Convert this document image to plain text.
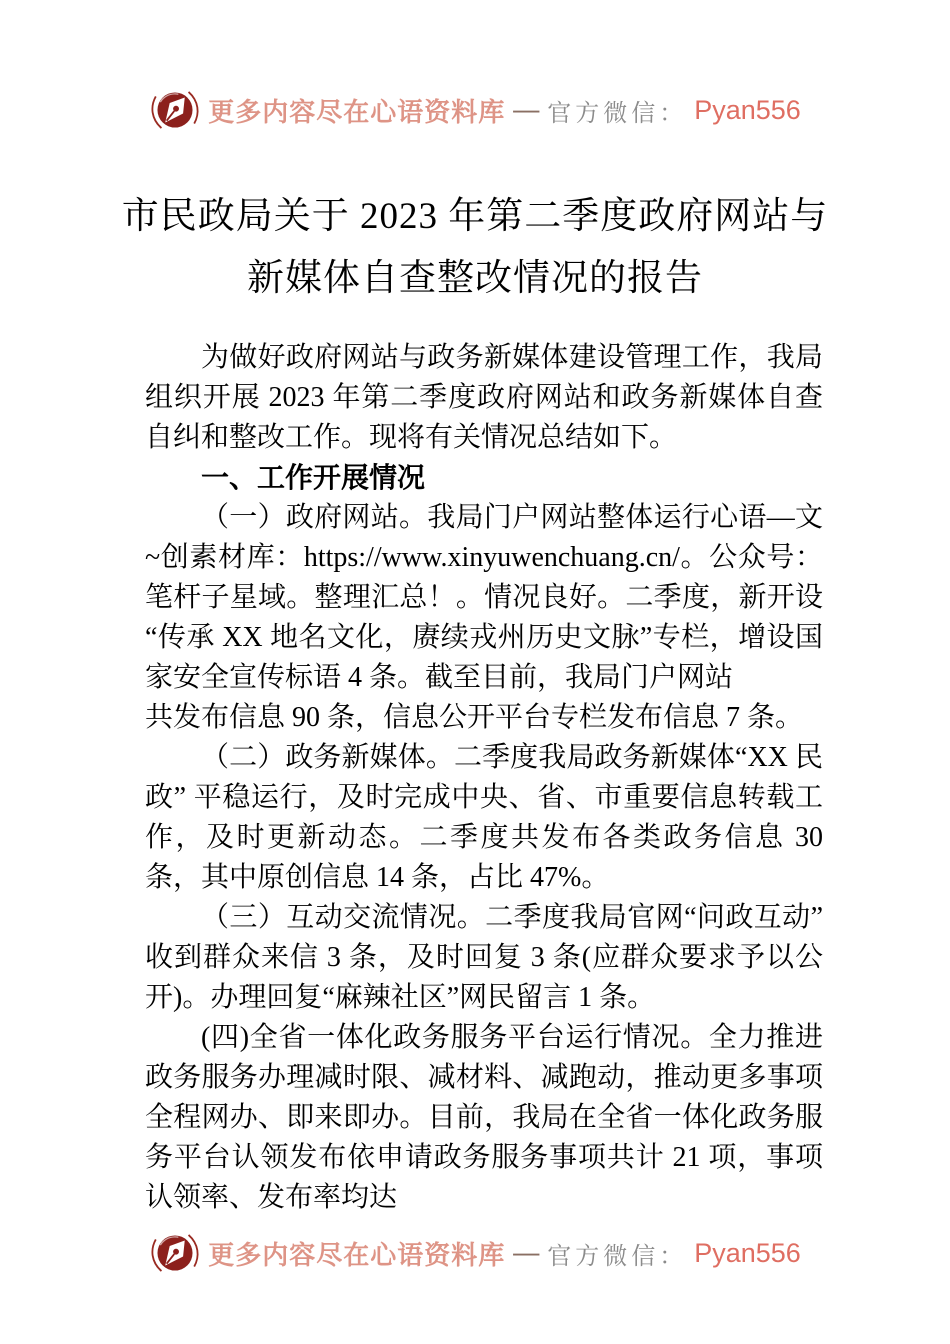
更多内容尽在心语资料库 — 官方微信： Pyan556
市民政局关于 2023 年第二季度政府网站与
新媒体自查整改情况的报告

为做好政府网站与政务新媒体建设管理工作，我局组织开展 2023 年第二季度政府网站和政务新媒体自查自纠和整改工作。现将有关情况总结如下。

一、工作开展情况

（一）政府网站。我局门户网站整体运行心语—文~创素材库：https://www.xinyuwenchuang.cn/。公众号：笔杆子星域。整理汇总！。情况良好。二季度，新开设“传承 XX 地名文化，赓续戎州历史文脉”专栏，增设国家安全宣传标语 4 条。截至目前，我局门户网站

共发布信息 90 条，信息公开平台专栏发布信息 7 条。

（二）政务新媒体。二季度我局政务新媒体“XX 民政” 平稳运行，及时完成中央、省、市重要信息转载工作，及时更新动态。二季度共发布各类政务信息 30 条，其中原创信息 14 条，占比 47%。

（三）互动交流情况。二季度我局官网“问政互动”收到群众来信 3 条，及时回复 3 条(应群众要求予以公开)。办理回复“麻辣社区”网民留言 1 条。

(四)全省一体化政务服务平台运行情况。全力推进政务服务办理减时限、减材料、减跑动，推动更多事项全程网办、即来即办。目前，我局在全省一体化政务服务平台认领发布依申请政务服务事项共计 21 项，事项认领率、发布率均达

更多内容尽在心语资料库 — 官方微信： Pyan556
